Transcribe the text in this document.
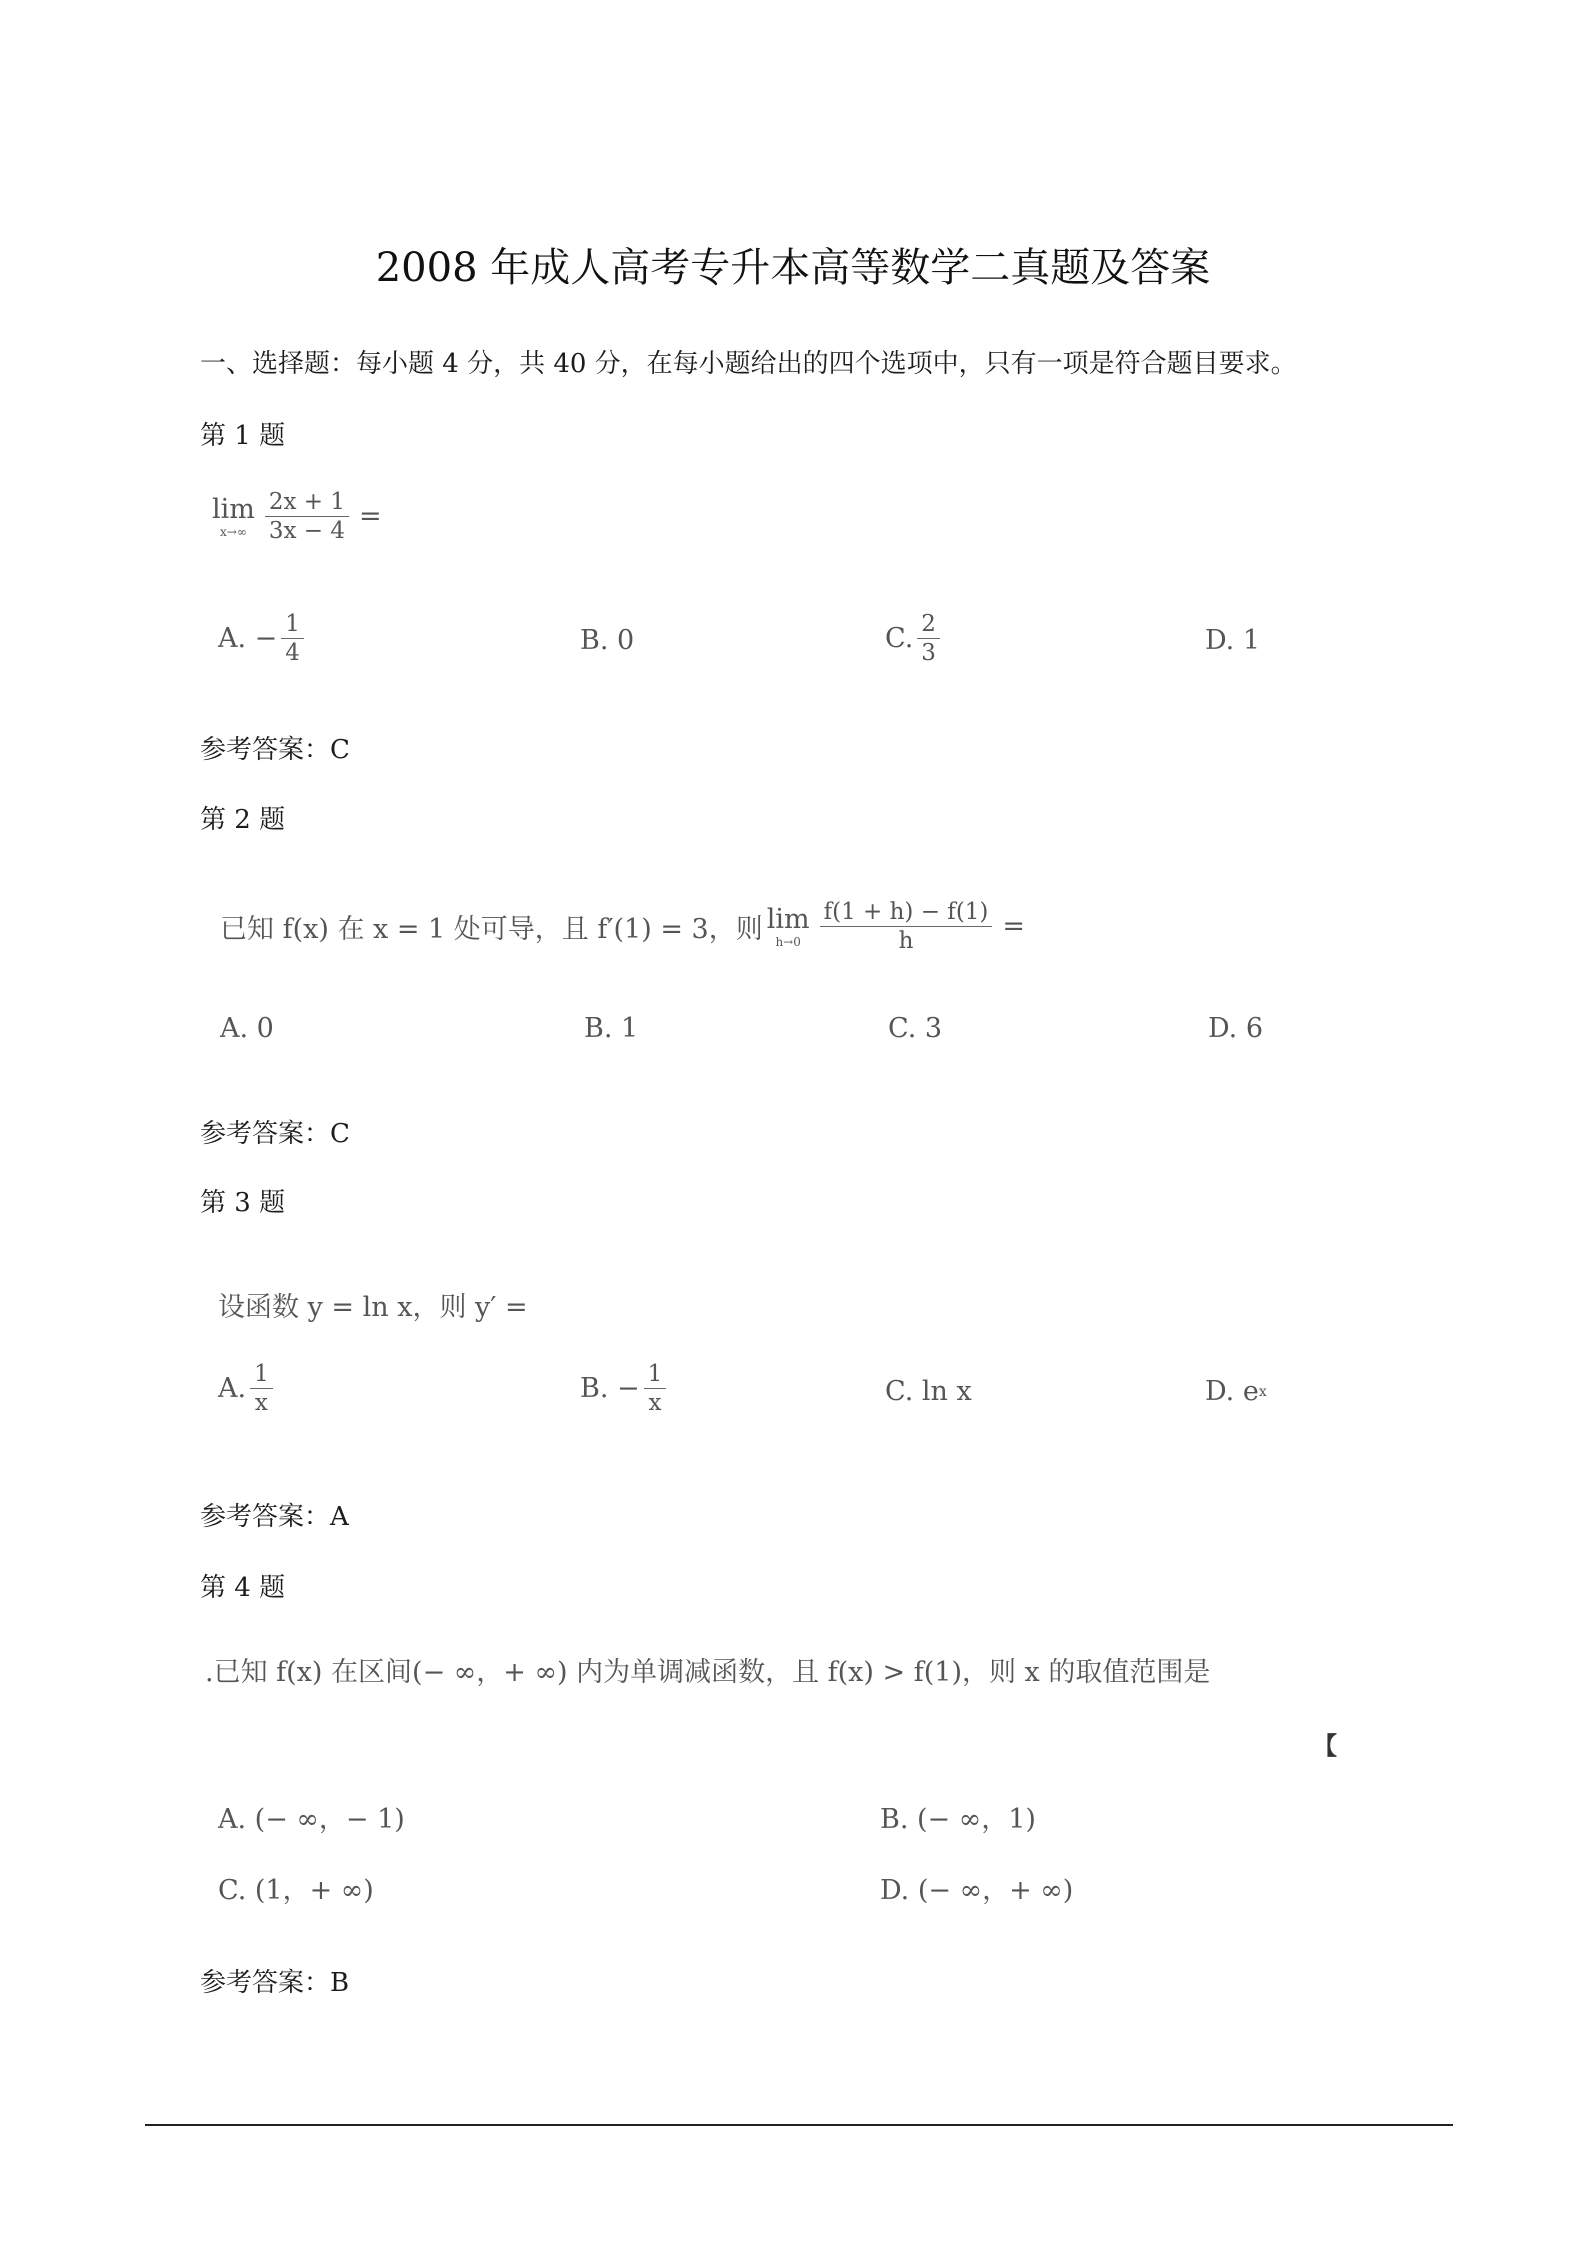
2008 年成人高考专升本高等数学二真题及答案
一、选择题：每小题 4 分，共 40 分，在每小题给出的四个选项中，只有一项是符合题目要求。
第 1 题
lim
$x\to\infty \frac{2x + 1}{3x - 4}$ =
A. − $\frac{1}{4}$	B. 0	C. $\frac{2}{3}$	D. 1
参考答案：C
第 2 题
已知 f(x) 在 x = 1 处可导，且 f′(1) = 3，则 lim
$h\to 0 \frac{f(1 + h) - f(1)}{h}$ =
A. 0	B. 1	C. 3	D. 6
参考答案：C
第 3 题
设函数 y = ln x，则 y′ =
A. $\frac{1}{x}$	B. − $\frac{1}{x}$	C. ln x	D. e x
参考答案：A
第 4 题
.已知 f(x) 在区间(− ∞，+ ∞) 内为单调减函数，且 f(x) > f(1)，则 x 的取值范围是
【
A. (− ∞，− 1)	B. (− ∞，1)
C. (1，+ ∞)	D. (− ∞，+ ∞)
参考答案：B
